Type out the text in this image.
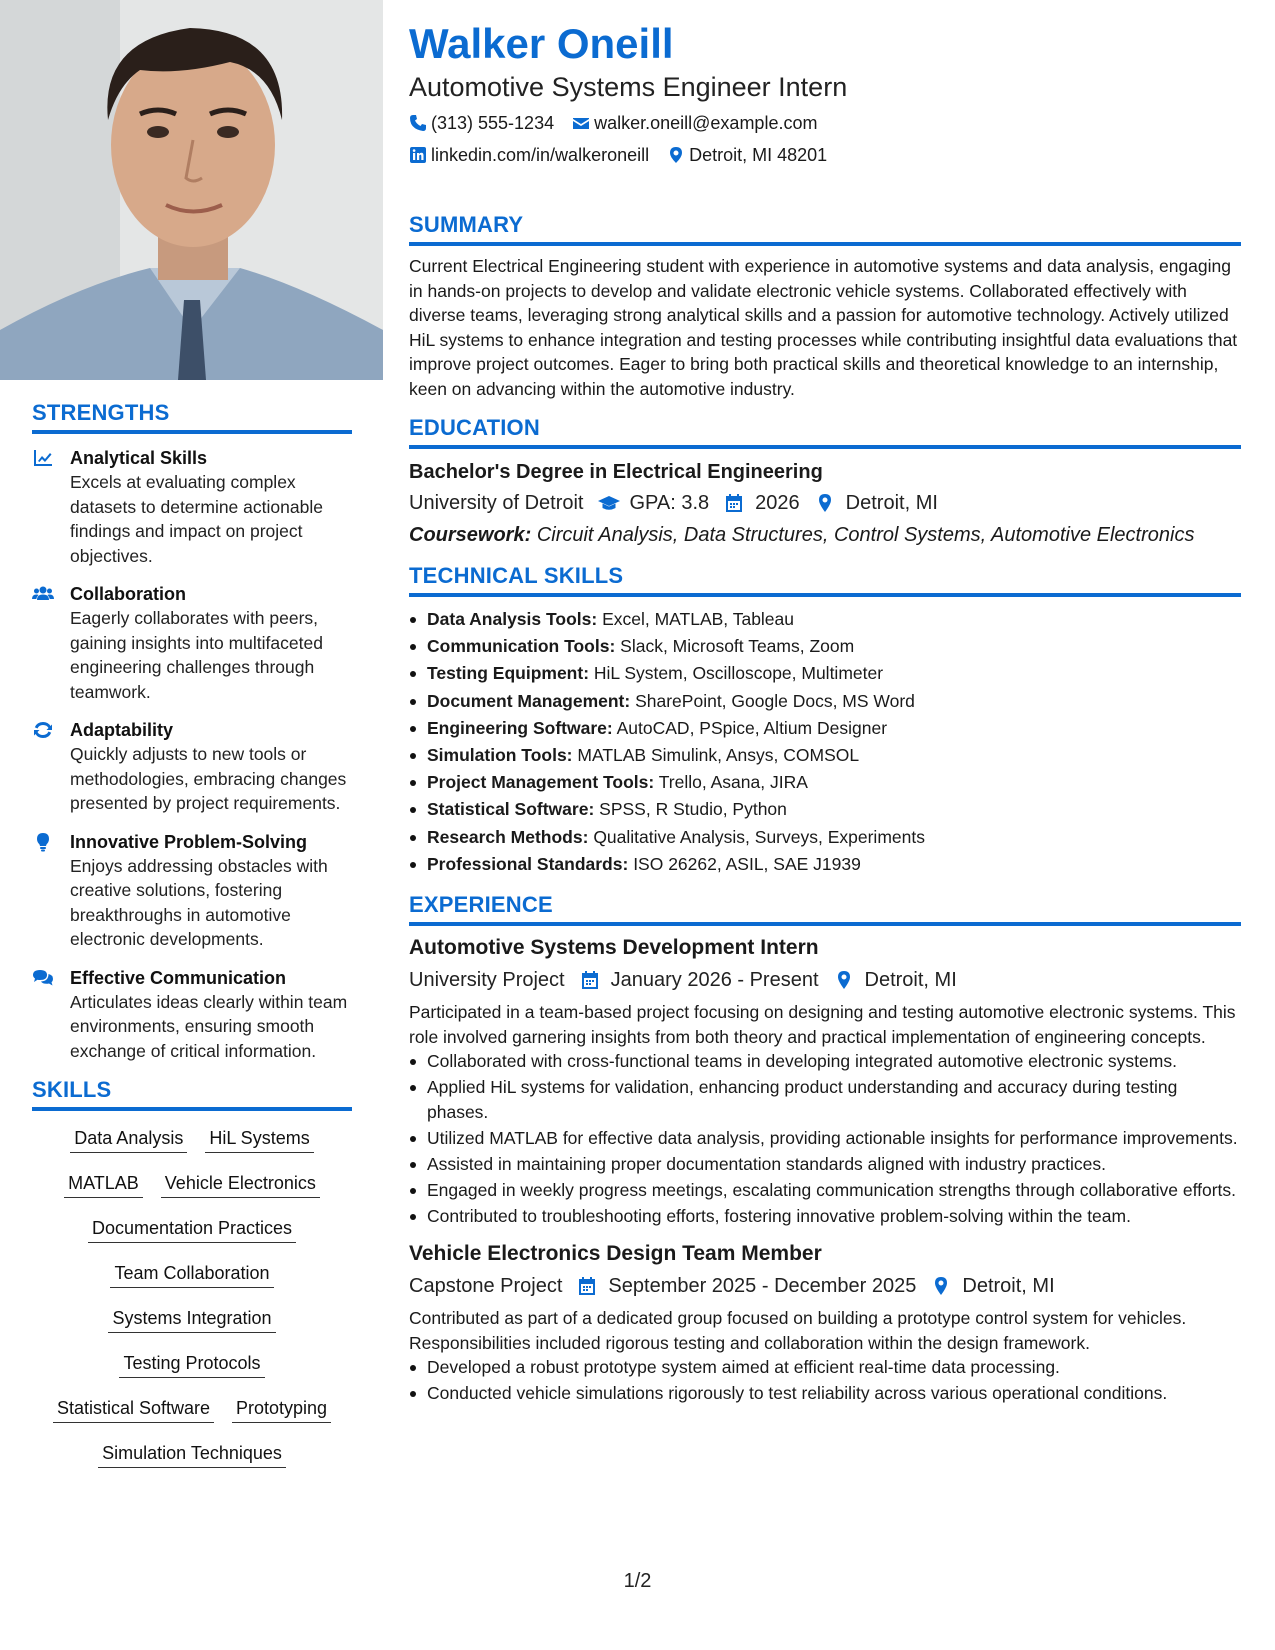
STRENGTHS
Analytical Skills
Excels at evaluating complex datasets to determine actionable findings and impact on project objectives.
Collaboration
Eagerly collaborates with peers, gaining insights into multifaceted engineering challenges through teamwork.
Adaptability
Quickly adjusts to new tools or methodologies, embracing changes presented by project requirements.
Innovative Problem-Solving
Enjoys addressing obstacles with creative solutions, fostering breakthroughs in automotive electronic developments.
Effective Communication
Articulates ideas clearly within team environments, ensuring smooth exchange of critical information.
SKILLS
Data Analysis HiL Systems
MATLAB Vehicle Electronics
Documentation Practices
Team Collaboration
Systems Integration
Testing Protocols
Statistical Software Prototyping
Simulation Techniques
Walker Oneill
Automotive Systems Engineer Intern
(313) 555-1234 walker.oneill@example.com
linkedin.com/in/walkeroneill Detroit, MI 48201
SUMMARY
Current Electrical Engineering student with experience in automotive systems and data analysis, engaging in hands-on projects to develop and validate electronic vehicle systems. Collaborated effectively with diverse teams, leveraging strong analytical skills and a passion for automotive technology. Actively utilized HiL systems to enhance integration and testing processes while contributing insightful data evaluations that improve project outcomes. Eager to bring both practical skills and theoretical knowledge to an internship, keen on advancing within the automotive industry.
EDUCATION
Bachelor's Degree in Electrical Engineering
University of Detroit GPA: 3.8 2026 Detroit, MI
Coursework: Circuit Analysis, Data Structures, Control Systems, Automotive Electronics
TECHNICAL SKILLS
Data Analysis Tools: Excel, MATLAB, Tableau
Communication Tools: Slack, Microsoft Teams, Zoom
Testing Equipment: HiL System, Oscilloscope, Multimeter
Document Management: SharePoint, Google Docs, MS Word
Engineering Software: AutoCAD, PSpice, Altium Designer
Simulation Tools: MATLAB Simulink, Ansys, COMSOL
Project Management Tools: Trello, Asana, JIRA
Statistical Software: SPSS, R Studio, Python
Research Methods: Qualitative Analysis, Surveys, Experiments
Professional Standards: ISO 26262, ASIL, SAE J1939
EXPERIENCE
Automotive Systems Development Intern
University Project January 2026 - Present Detroit, MI
Participated in a team-based project focusing on designing and testing automotive electronic systems. This role involved garnering insights from both theory and practical implementation of engineering concepts.
Collaborated with cross-functional teams in developing integrated automotive electronic systems.
Applied HiL systems for validation, enhancing product understanding and accuracy during testing phases.
Utilized MATLAB for effective data analysis, providing actionable insights for performance improvements.
Assisted in maintaining proper documentation standards aligned with industry practices.
Engaged in weekly progress meetings, escalating communication strengths through collaborative efforts.
Contributed to troubleshooting efforts, fostering innovative problem-solving within the team.
Vehicle Electronics Design Team Member
Capstone Project September 2025 - December 2025 Detroit, MI
Contributed as part of a dedicated group focused on building a prototype control system for vehicles. Responsibilities included rigorous testing and collaboration within the design framework.
Developed a robust prototype system aimed at efficient real-time data processing.
Conducted vehicle simulations rigorously to test reliability across various operational conditions.
1/2
